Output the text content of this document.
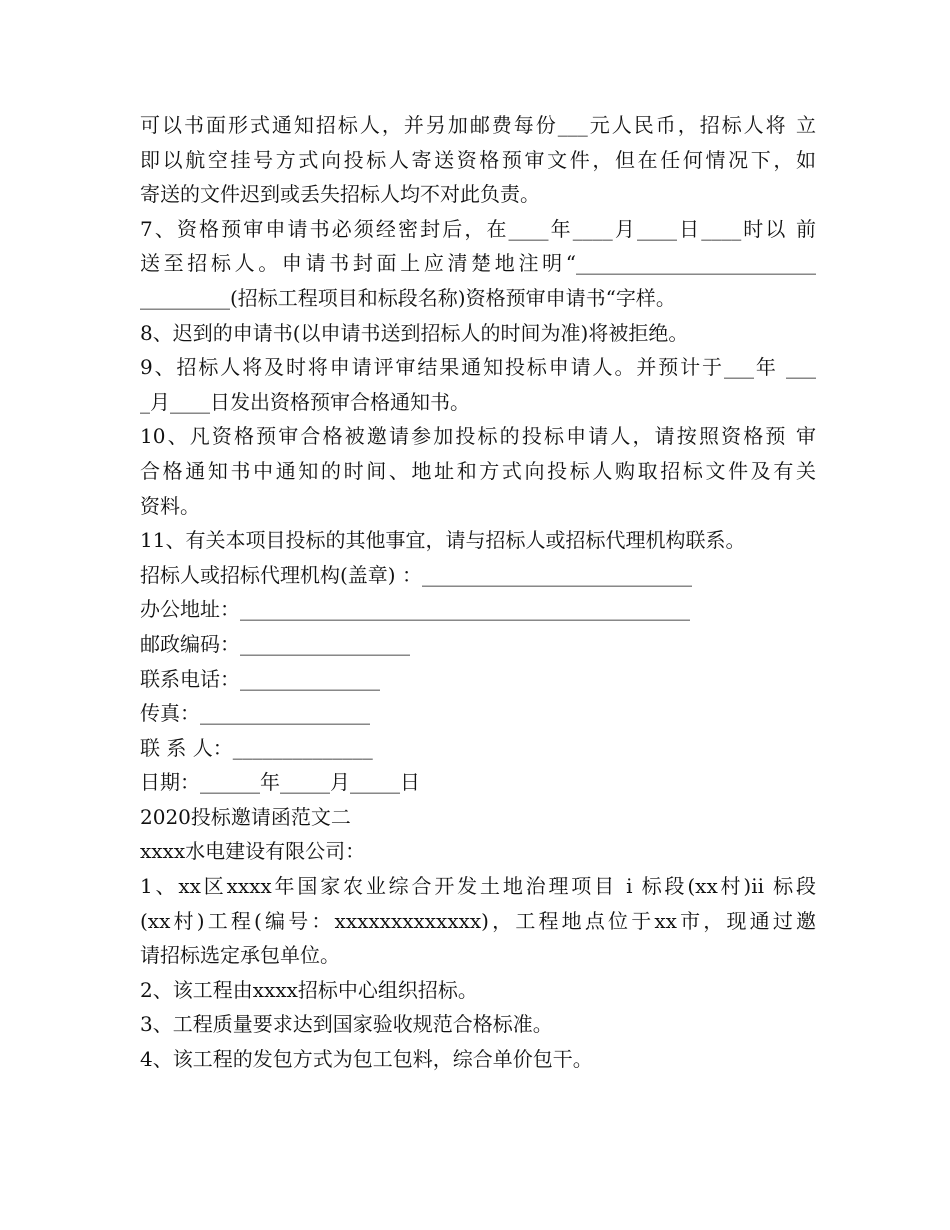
可以书面形式通知招标人，并另加邮费每份___元人民币，招标人将 立
即以航空挂号方式向投标人寄送资格预审文件，但在任何情况下，如
寄送的文件迟到或丢失招标人均不对此负责。
7、资格预审申请书必须经密封后，在____年____月____日____时以 前
送至招标人。申请书封面上应清楚地注明“________________________
_________(招标工程项目和标段名称)资格预审申请书“字样。
8、迟到的申请书(以申请书送到招标人的时间为准)将被拒绝。
9、招标人将及时将申请评审结果通知投标申请人。并预计于___年 ___
_月____日发出资格预审合格通知书。
10、凡资格预审合格被邀请参加投标的投标申请人，请按照资格预 审
合格通知书中通知的时间、地址和方式向投标人购取招标文件及有关
资料。
11、有关本项目投标的其他事宜，请与招标人或招标代理机构联系。
招标人或招标代理机构(盖章) ：___________________________
办公地址：_____________________________________________
邮政编码：_________________
联系电话：______________
传真：_________________
联 系 人：______________
日期：______年_____月_____日
2020投标邀请函范文二
xxxx水电建设有限公司：
1、xx区xxxx年国家农业综合开发土地治理项目 i 标段(xx村)ii 标段
(xx村)工程(编号：xxxxxxxxxxxxx)，工程地点位于xx市，现通过邀
请招标选定承包单位。
2、该工程由xxxx招标中心组织招标。
3、工程质量要求达到国家验收规范合格标准。
4、该工程的发包方式为包工包料，综合单价包干。
